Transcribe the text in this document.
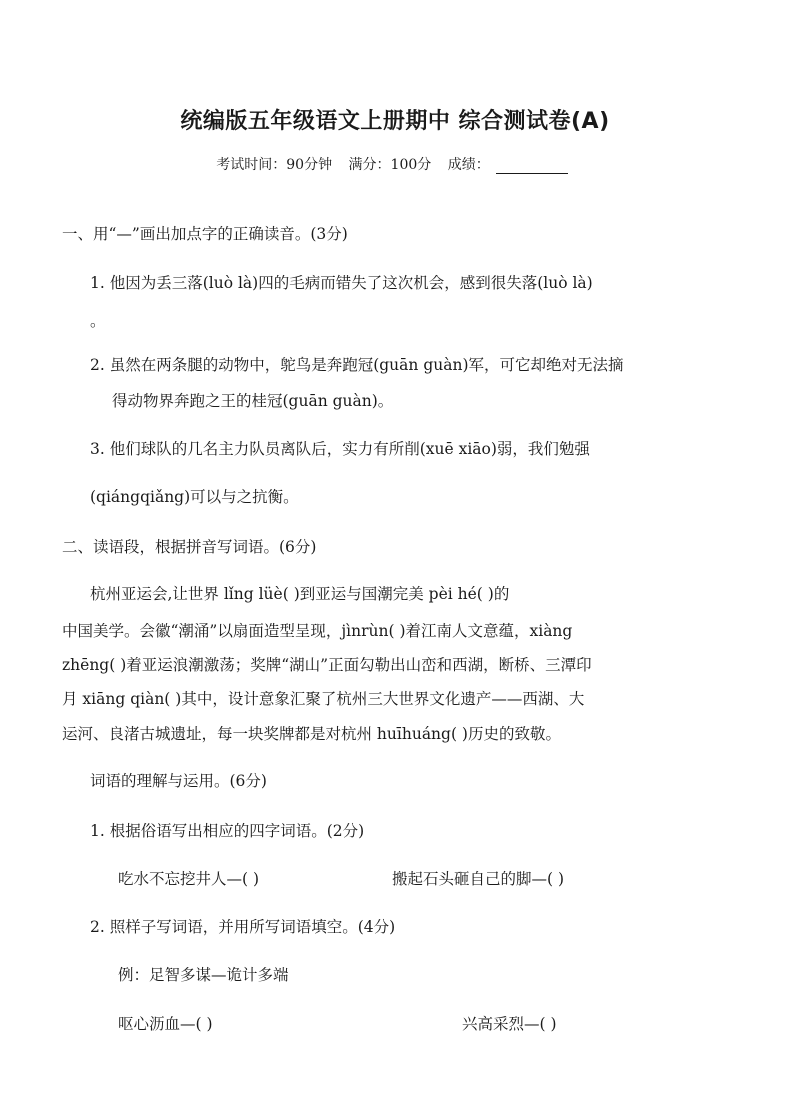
统编版五年级语文上册期中 综合测试卷(A)
考试时间：90分钟 满分：100分 成绩：
一、用“—”画出加点字的正确读音。(3分)
1. 他因为丢三落(luò là)四的毛病而错失了这次机会，感到很失落(luò là)
。
2. 虽然在两条腿的动物中，鸵鸟是奔跑冠(guān guàn)军，可它却绝对无法摘
得动物界奔跑之王的桂冠(guān guàn)。
3. 他们球队的几名主力队员离队后，实力有所削(xuē xiāo)弱，我们勉强
(qiángqiǎng)可以与之抗衡。
二、读语段，根据拼音写词语。(6分)
杭州亚运会,让世界 lǐng lüè( )到亚运与国潮完美 pèi hé( )的
中国美学。会徽“潮涌”以扇面造型呈现，jìnrùn( )着江南人文意蕴，xiàng
zhēng( )着亚运浪潮激荡；奖牌“湖山”正面勾勒出山峦和西湖，断桥、三潭印
月 xiāng qiàn( )其中，设计意象汇聚了杭州三大世界文化遗产——西湖、大
运河、良渚古城遗址，每一块奖牌都是对杭州 huīhuáng( )历史的致敬。
词语的理解与运用。(6分)
1. 根据俗语写出相应的四字词语。(2分)
吃水不忘挖井人—( )	搬起石头砸自己的脚—( )
2. 照样子写词语，并用所写词语填空。(4分)
例：足智多谋—诡计多端
呕心沥血—( )	兴高采烈—( )
